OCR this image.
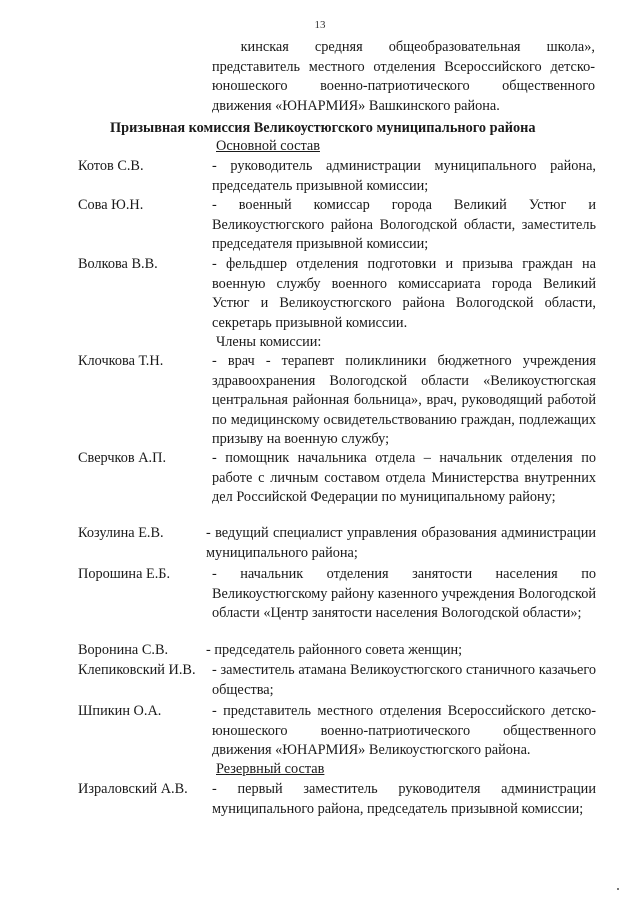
13
кинская средняя общеобразовательная школа», представитель местного отделения Всероссийского детско-юношеского военно-патриотического общественного движения «ЮНАРМИЯ» Вашкинского района.
Призывная комиссия Великоустюгского муниципального района
Основной состав
Котов С.В.	- руководитель администрации муниципального района, председатель призывной комиссии;
Сова Ю.Н.	- военный комиссар города Великий Устюг и Великоустюгского района Вологодской области, заместитель председателя призывной комиссии;
Волкова В.В.	- фельдшер отделения подготовки и призыва граждан на военную службу военного комиссариата города Великий Устюг и Великоустюгского района Вологодской области, секретарь призывной комиссии.
Члены комиссии:
Клочкова Т.Н.	- врач - терапевт поликлиники бюджетного учреждения здравоохранения Вологодской области «Великоустюгская центральная районная больница», врач, руководящий работой по медицинскому освидетельствованию граждан, подлежащих призыву на военную службу;
Сверчков А.П.	- помощник начальника отдела – начальник отделения по работе с личным составом отдела Министерства внутренних дел Российской Федерации по муниципальному району;
Козулина Е.В.	- ведущий специалист управления образования администрации муниципального района;
Порошина Е.Б.	- начальник отделения занятости населения по Великоустюгскому району казенного учреждения Вологодской области «Центр занятости населения Вологодской области»;
Воронина С.В.	- председатель районного совета женщин;
Клепиковский И.В. - заместитель атамана Великоустюгского станичного казачьего общества;
Шпикин О.А.	- представитель местного отделения Всероссийского детско-юношеского военно-патриотического общественного движения «ЮНАРМИЯ» Великоустюгского района.
Резервный состав
Израловский А.В. - первый заместитель руководителя администрации муниципального района, председатель призывной комиссии;
